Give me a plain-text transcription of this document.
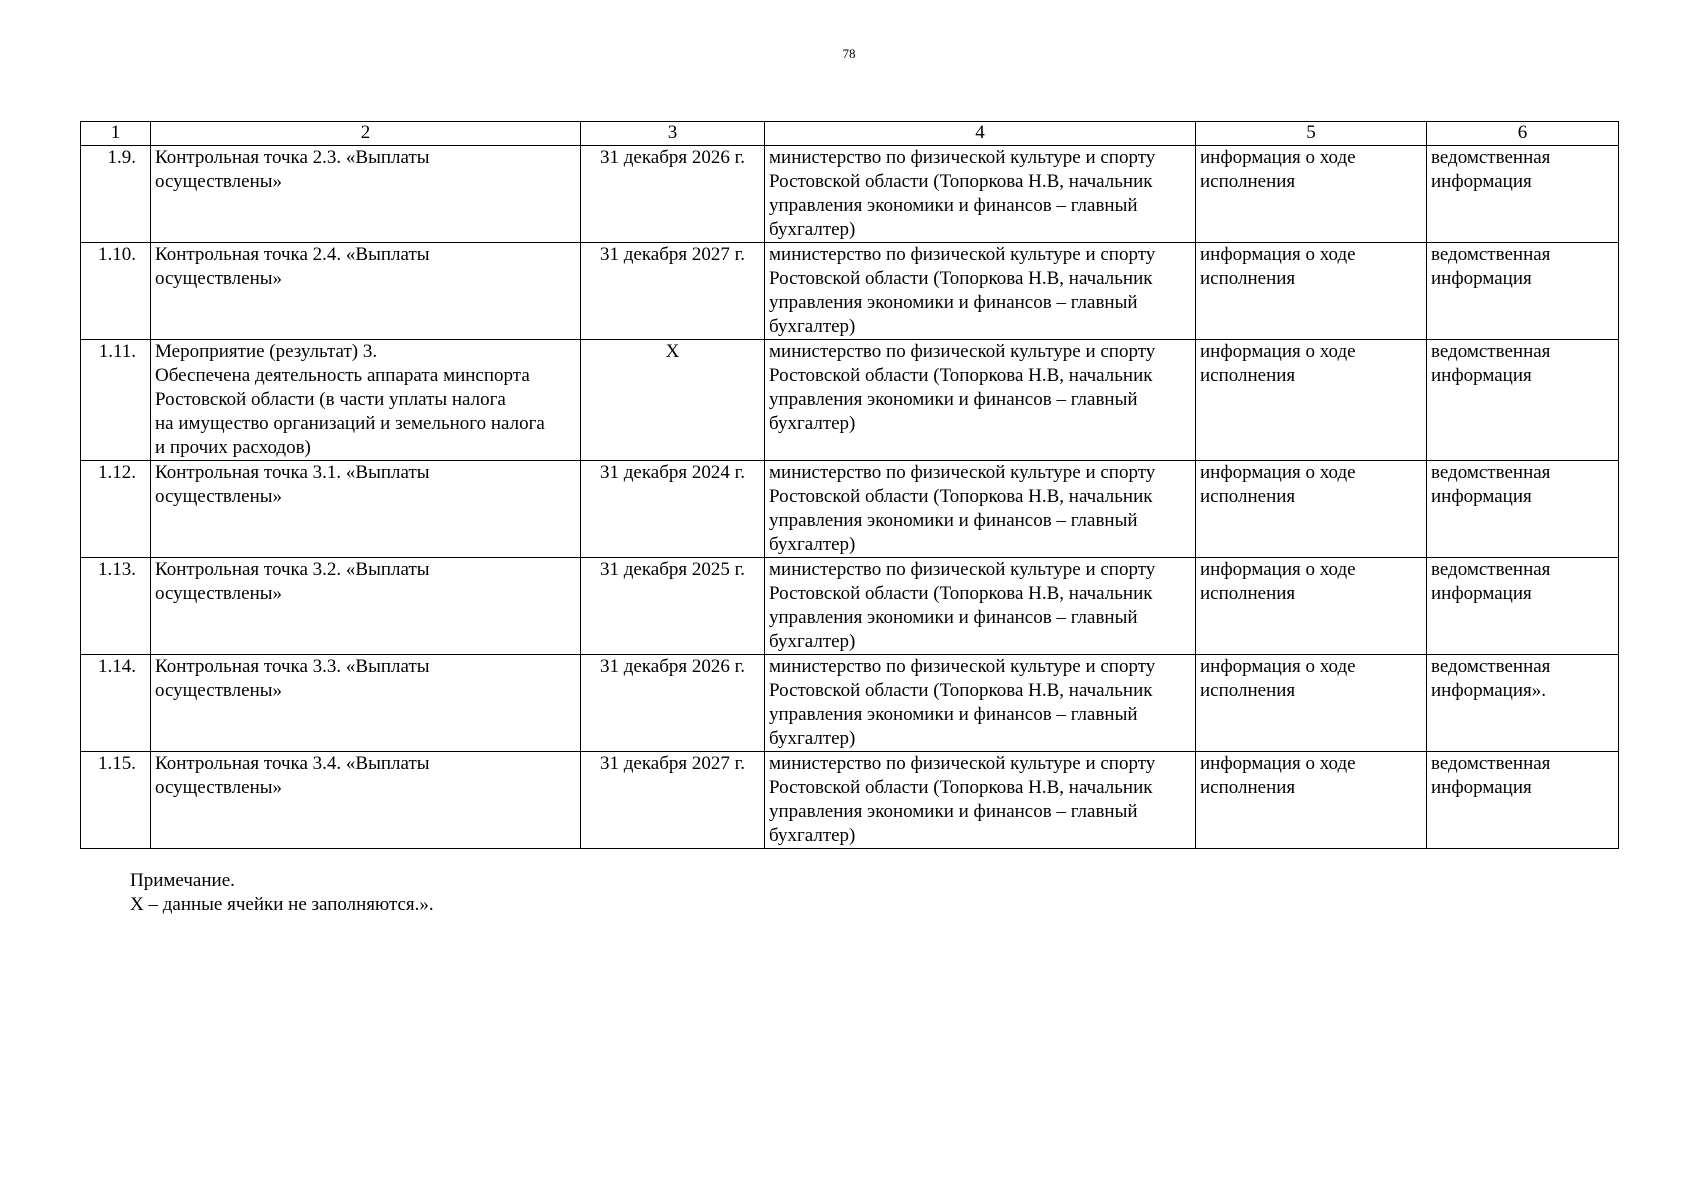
78
1	2	3	4	5	6
1.9.	Контрольная точка 2.3. «Выплаты
осуществлены»	31 декабря 2026 г.	министерство по физической культуре и спорту
Ростовской области (Топоркова Н.В, начальник
управления экономики и финансов – главный
бухгалтер)	информация о ходе
исполнения	ведомственная
информация
1.10.	Контрольная точка 2.4. «Выплаты
осуществлены»	31 декабря 2027 г.	министерство по физической культуре и спорту
Ростовской области (Топоркова Н.В, начальник
управления экономики и финансов – главный
бухгалтер)	информация о ходе
исполнения	ведомственная
информация
1.11.	Мероприятие (результат) 3.
Обеспечена деятельность аппарата минспорта
Ростовской области (в части уплаты налога
на имущество организаций и земельного налога
и прочих расходов)	Х	министерство по физической культуре и спорту
Ростовской области (Топоркова Н.В, начальник
управления экономики и финансов – главный
бухгалтер)	информация о ходе
исполнения	ведомственная
информация
1.12.	Контрольная точка 3.1. «Выплаты
осуществлены»	31 декабря 2024 г.	министерство по физической культуре и спорту
Ростовской области (Топоркова Н.В, начальник
управления экономики и финансов – главный
бухгалтер)	информация о ходе
исполнения	ведомственная
информация
1.13.	Контрольная точка 3.2. «Выплаты
осуществлены»	31 декабря 2025 г.	министерство по физической культуре и спорту
Ростовской области (Топоркова Н.В, начальник
управления экономики и финансов – главный
бухгалтер)	информация о ходе
исполнения	ведомственная
информация
1.14.	Контрольная точка 3.3. «Выплаты
осуществлены»	31 декабря 2026 г.	министерство по физической культуре и спорту
Ростовской области (Топоркова Н.В, начальник
управления экономики и финансов – главный
бухгалтер)	информация о ходе
исполнения	ведомственная
информация».
1.15.	Контрольная точка 3.4. «Выплаты
осуществлены»	31 декабря 2027 г.	министерство по физической культуре и спорту
Ростовской области (Топоркова Н.В, начальник
управления экономики и финансов – главный
бухгалтер)	информация о ходе
исполнения	ведомственная
информация
Примечание.
Х – данные ячейки не заполняются.».
